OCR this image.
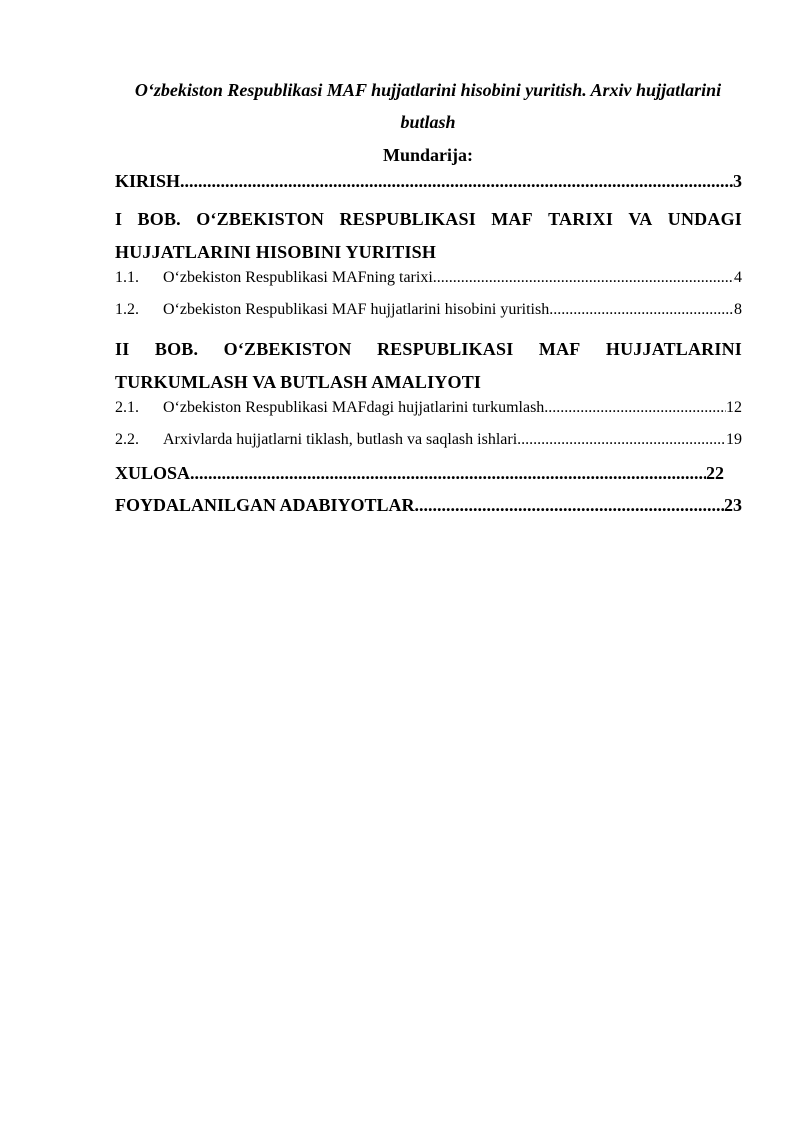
O‘zbekiston Respublikasi MAF hujjatlarini hisobini yuritish. Arxiv hujjatlarini butlash
Mundarija:
KIRISH .....	3
I BOB. O‘ZBEKISTON RESPUBLIKASI MAF TARIXI VA UNDAGI
HUJJATLARINI HISOBINI YURITISH
1.1.	O‘zbekiston Respublikasi MAFning tarixi .....	4
1.2.	O‘zbekiston Respublikasi MAF hujjatlarini hisobini yuritish .....	8
II BOB. O‘ZBEKISTON RESPUBLIKASI MAF HUJJATLARINI
TURKUMLASH VA BUTLASH AMALIYOTI
2.1.	O‘zbekiston Respublikasi MAFdagi hujjatlarini turkumlash .....	12
2.2.	Arxivlarda hujjatlarni tiklash, butlash va saqlash ishlari .....	19
XULOSA .....	22
FOYDALANILGAN ADABIYOTLAR .....	23
